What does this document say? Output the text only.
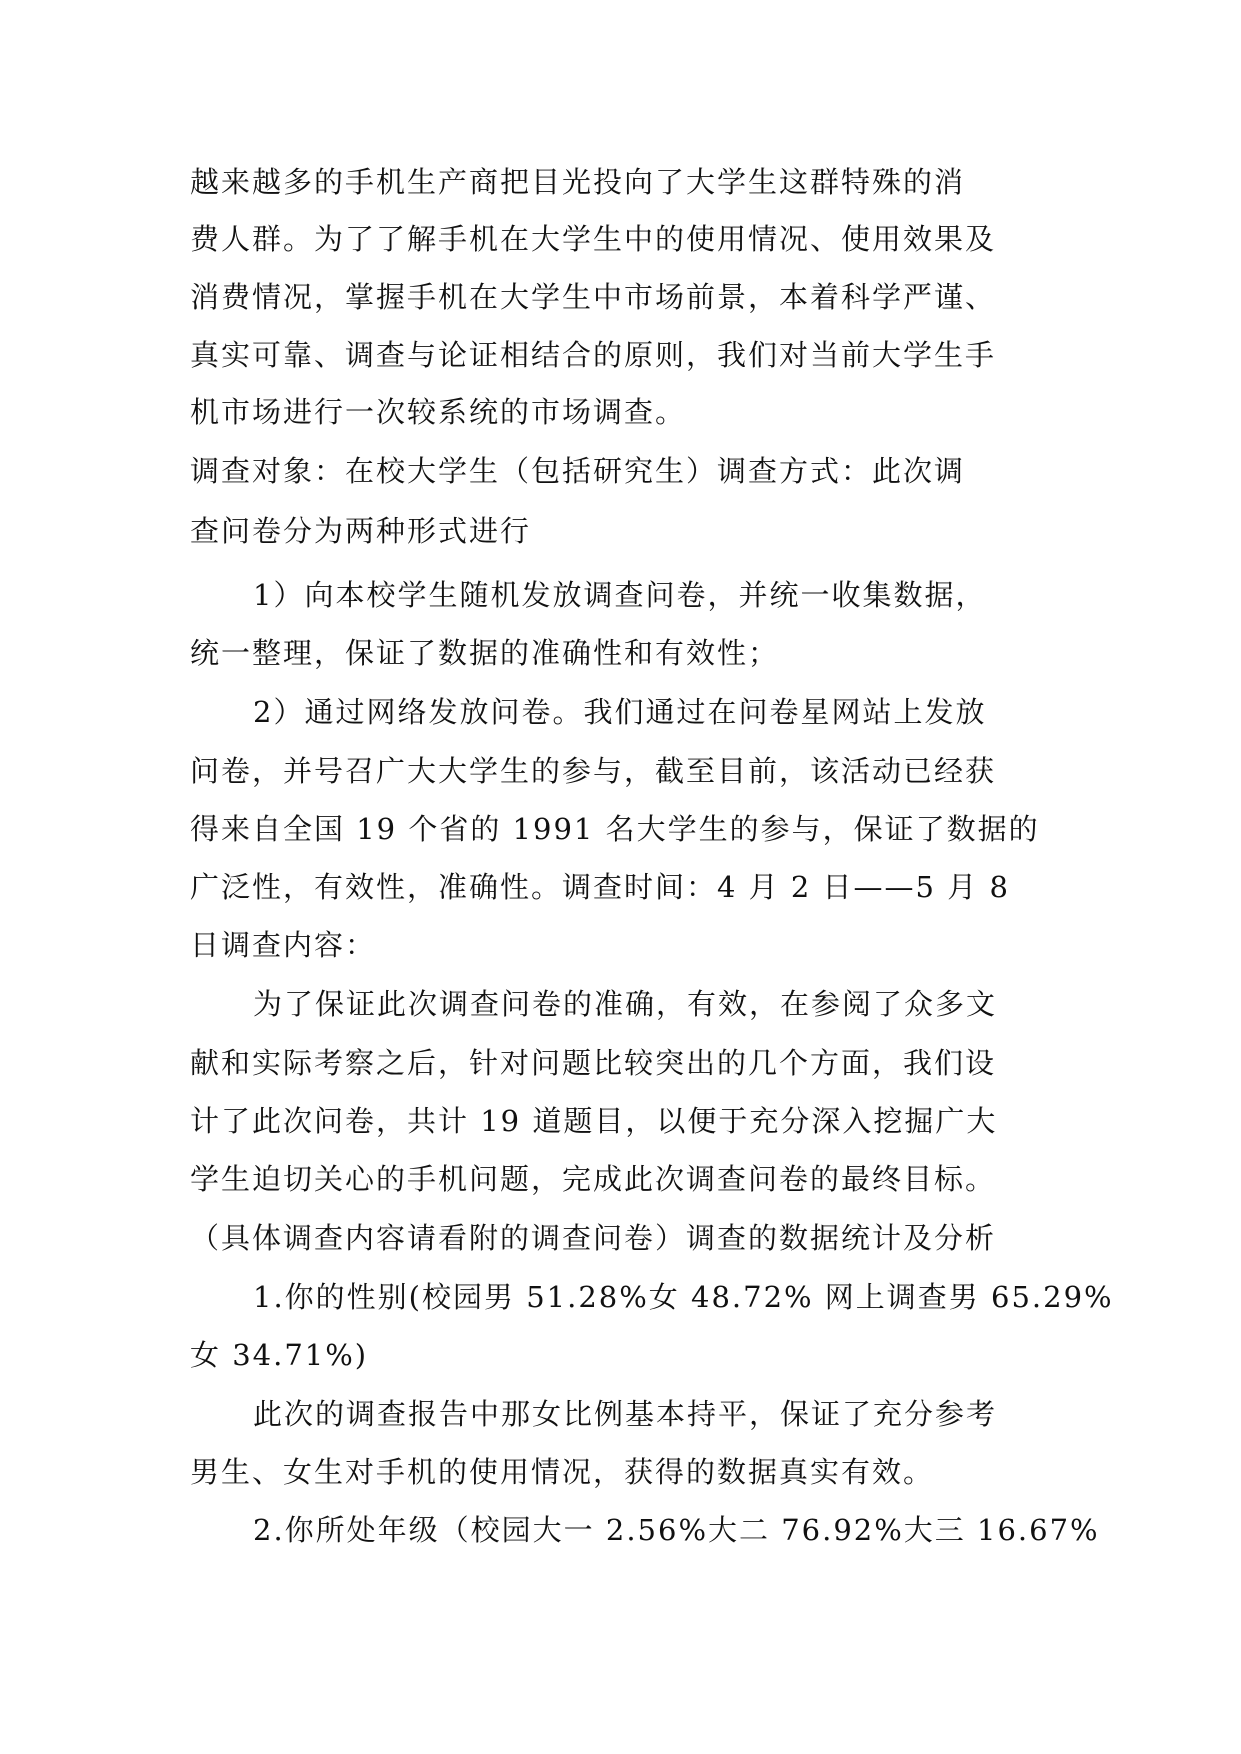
越来越多的手机生产商把目光投向了大学生这群特殊的消

费人群。为了了解手机在大学生中的使用情况、使用效果及

消费情况，掌握手机在大学生中市场前景，本着科学严谨、

真实可靠、调查与论证相结合的原则，我们对当前大学生手

机市场进行一次较系统的市场调查。

调查对象：在校大学生（包括研究生）调查方式：此次调

查问卷分为两种形式进行

1）向本校学生随机发放调查问卷，并统一收集数据，

统一整理，保证了数据的准确性和有效性；

2）通过网络发放问卷。我们通过在问卷星网站上发放

问卷，并号召广大大学生的参与，截至目前，该活动已经获

得来自全国 19 个省的 1991 名大学生的参与，保证了数据的

广泛性，有效性，准确性。调查时间：4 月 2 日——5 月 8

日调查内容：

为了保证此次调查问卷的准确，有效，在参阅了众多文

献和实际考察之后，针对问题比较突出的几个方面，我们设

计了此次问卷，共计 19 道题目，以便于充分深入挖掘广大

学生迫切关心的手机问题，完成此次调查问卷的最终目标。

（具体调查内容请看附的调查问卷）调查的数据统计及分析

1.你的性别(校园男 51.28%女 48.72% 网上调查男 65.29%

女 34.71%)

此次的调查报告中那女比例基本持平，保证了充分参考

男生、女生对手机的使用情况，获得的数据真实有效。

2.你所处年级（校园大一 2.56%大二 76.92%大三 16.67%
